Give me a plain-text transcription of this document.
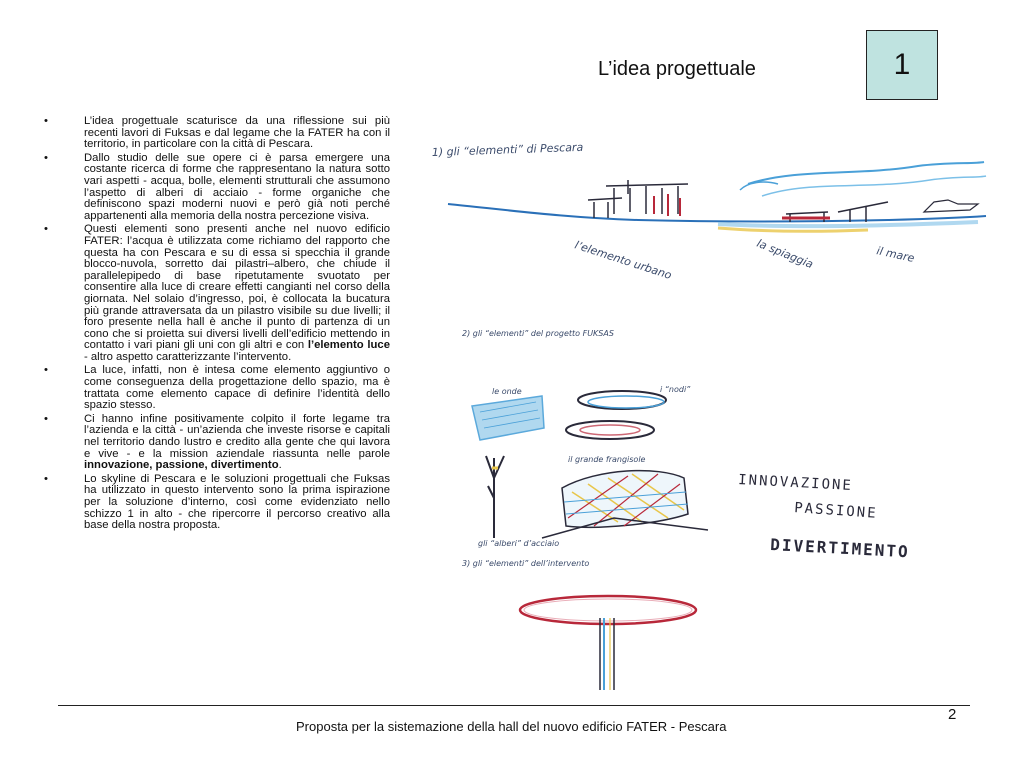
L’idea progettuale	1
•	L’idea progettuale scaturisce da una riflessione sui più recenti lavori di Fuksas e dal legame che la FATER ha con il territorio, in particolare con la città di Pescara.
•	Dallo studio delle sue opere ci è parsa emergere una costante ricerca di forme che rappresentano la natura sotto vari aspetti - acqua, bolle, elementi strutturali che assumono l’aspetto di alberi di acciaio - forme organiche che definiscono spazi moderni nuovi e però già noti perché appartenenti alla memoria della nostra percezione visiva.
•	Questi elementi sono presenti anche nel nuovo edificio FATER: l’acqua è utilizzata come richiamo del rapporto che questa ha con Pescara e su di essa si specchia il grande blocco-nuvola, sorretto dai pilastri–albero, che chiude il parallelepipedo di base ripetutamente svuotato per consentire alla luce di creare effetti cangianti nel corso della giornata. Nel solaio d’ingresso, poi, è collocata la bucatura più grande attraversata da un pilastro visibile su due livelli; il foro presente nella hall è anche il punto di partenza di un cono che si proietta sui diversi livelli dell’edificio mettendo in contatto i vari piani gli uni con gli altri e con l’elemento luce - altro aspetto caratterizzante l’intervento.
•	La luce, infatti, non è intesa come elemento aggiuntivo o come conseguenza della progettazione dello spazio, ma è trattata come elemento capace di definire l’identità dello spazio stesso.
•	Ci hanno infine positivamente colpito il forte legame tra l’azienda e la città - un’azienda che investe risorse e capitali nel territorio dando lustro e credito alla gente che qui lavora e vive - e la mission aziendale riassunta nelle parole innovazione, passione, divertimento.
•	Lo skyline di Pescara e le soluzioni progettuali che Fuksas ha utilizzato in questo intervento sono la prima ispirazione per la soluzione d’interno, così come evidenziato nello schizzo 1 in alto - che ripercorre il percorso creativo alla base della nostra proposta.
1) gli “elementi” di Pescara
l’elemento urbano	la spiaggia	il mare
2) gli “elementi” del progetto FUKSAS
le onde	i “nodi”
gli “alberi” d’acciaio
il grande frangisole
INNOVAZIONE
PASSIONE
DIVERTIMENTO
3) gli “elementi” dell’intervento
Proposta per la sistemazione della hall del nuovo edificio FATER - Pescara
2
